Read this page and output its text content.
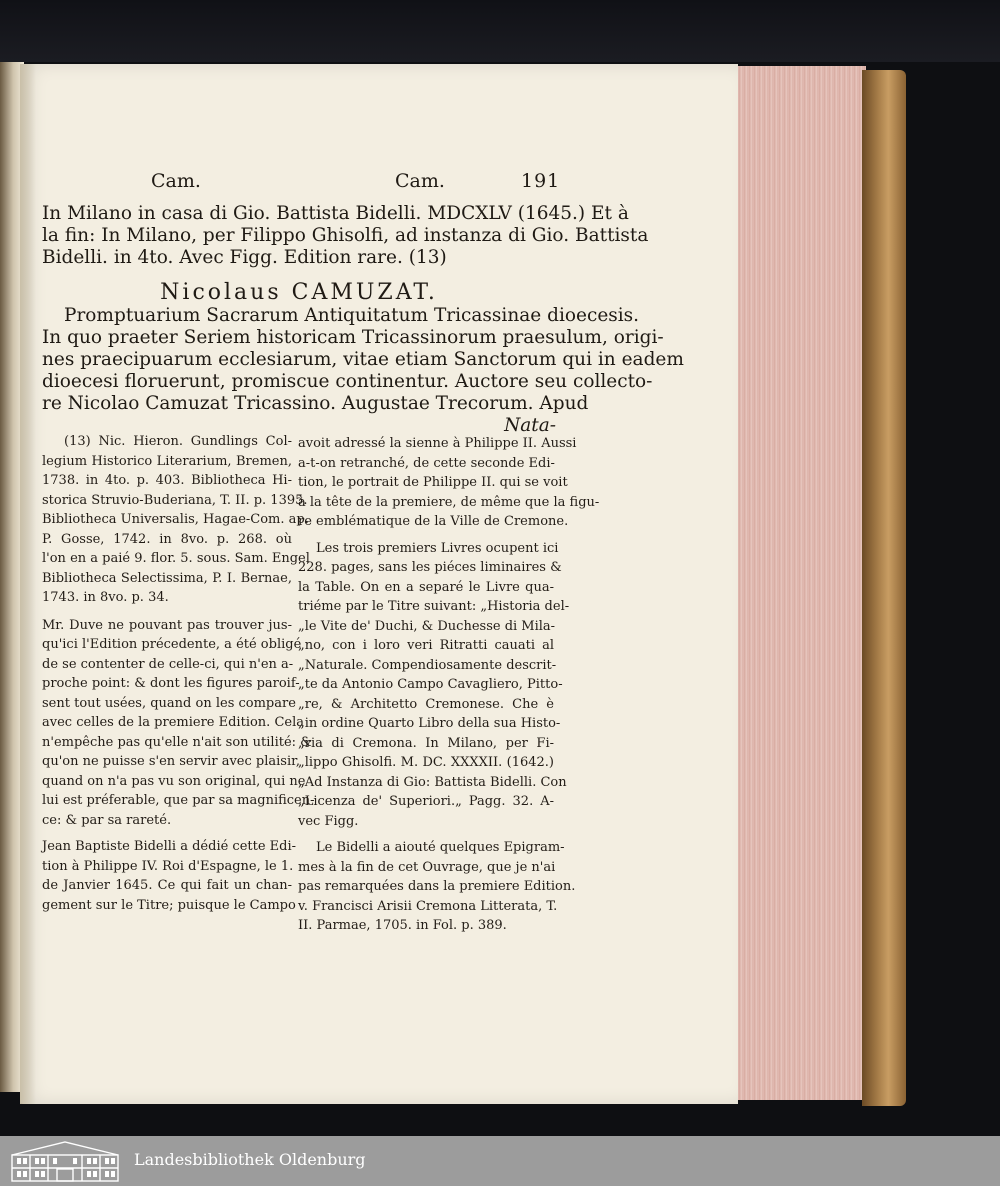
Cam.	Cam.	191
In Milano in casa di Gio. Battista Bidelli. MDCXLV (1645.) Et à
la fin: In Milano, per Filippo Ghisolfi, ad instanza di Gio. Battista
Bidelli. in 4to. Avec Figg. Edition rare. (13)
Nicolaus CAMUZAT.
Promptuarium Sacrarum Antiquitatum Tricassinae dioecesis.
In quo praeter Seriem historicam Tricassinorum praesulum, origi-
nes praecipuarum ecclesiarum, vitae etiam Sanctorum qui in eadem
dioecesi floruerunt, promiscue continentur. Auctore seu collecto-
re Nicolao Camuzat Tricassino. Augustae Trecorum. Apud
Nata-
(13) Nic. Hieron. Gundlings Col-
legium Historico Literarium, Bremen,
1738. in 4to. p. 403. Bibliotheca Hi-
storica Struvio-Buderiana, T. II. p. 1395.
Bibliotheca Universalis, Hagae-Com. ap.
P. Gosse, 1742. in 8vo. p. 268. où
l'on en a paié 9. flor. 5. sous. Sam. Engel
Bibliotheca Selectissima, P. I. Bernae,
1743. in 8vo. p. 34.
Mr. Duve ne pouvant pas trouver jus-
qu'ici l'Edition précedente, a été obligé
de se contenter de celle-ci, qui n'en a-
proche point: & dont les figures paroif-
sent tout usées, quand on les compare
avec celles de la premiere Edition. Cela
n'empêche pas qu'elle n'ait son utilité: &
qu'on ne puisse s'en servir avec plaisir,
quand on n'a pas vu son original, qui ne
lui est préferable, que par sa magnificen-
ce: & par sa rareté.
Jean Baptiste Bidelli a dédié cette Edi-
tion à Philippe IV. Roi d'Espagne, le 1.
de Janvier 1645. Ce qui fait un chan-
gement sur le Titre; puisque le Campo
avoit adressé la sienne à Philippe II. Aussi
a-t-on retranché, de cette seconde Edi-
tion, le portrait de Philippe II. qui se voit
à la tête de la premiere, de même que la figu-
re emblématique de la Ville de Cremone.
Les trois premiers Livres ocupent ici
228. pages, sans les piéces liminaires &
la Table. On en a separé le Livre qua-
triéme par le Titre suivant: „Historia del-
„le Vite de' Duchi, & Duchesse di Mila-
„no, con i loro veri Ritratti cauati al
„Naturale. Compendiosamente descrit-
„te da Antonio Campo Cavagliero, Pitto-
„re, & Architetto Cremonese. Che è
„in ordine Quarto Libro della sua Histo-
„ria di Cremona. In Milano, per Fi-
„lippo Ghisolfi. M. DC. XXXXII. (1642.)
„Ad Instanza di Gio: Battista Bidelli. Con
„Licenza de' Superiori.„ Pagg. 32. A-
vec Figg.
Le Bidelli a aiouté quelques Epigram-
mes à la fin de cet Ouvrage, que je n'ai
pas remarquées dans la premiere Edition.
v. Francisci Arisii Cremona Litterata, T.
II. Parmae, 1705. in Fol. p. 389.
Landesbibliothek Oldenburg
